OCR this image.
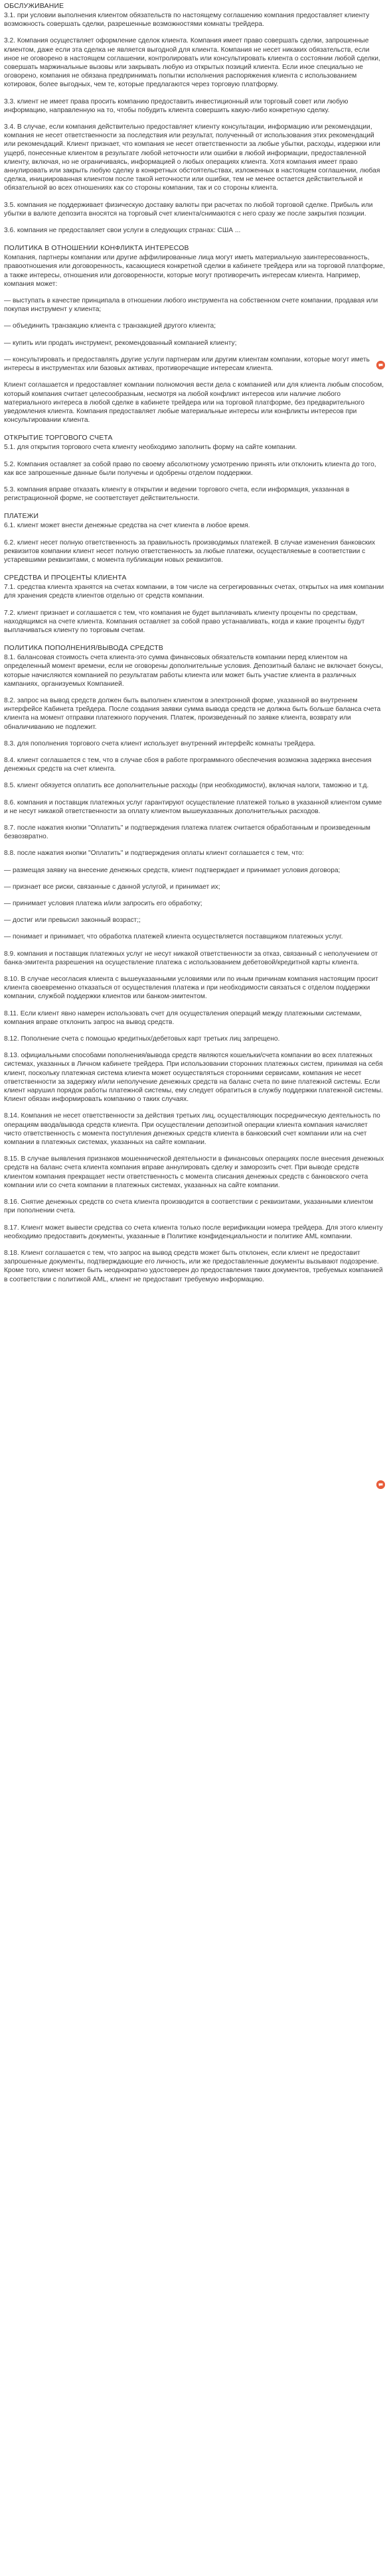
ОБСЛУЖИВАНИЕ

3.1. при условии выполнения клиентом обязательств по настоящему соглашению компания предоставляет клиенту возможность совершать сделки, разрешенные возможностями комнаты трейдера.

3.2. Компания осуществляет оформление сделок клиента. Компания имеет право совершать сделки, запрошенные клиентом, даже если эта сделка не является выгодной для клиента. Компания не несет никаких обязательств, если иное не оговорено в настоящем соглашении, контролировать или консультировать клиента о состоянии любой сделки, совершать маржинальные вызовы или закрывать любую из открытых позиций клиента. Если иное специально не оговорено, компания не обязана предпринимать попытки исполнения распоряжения клиента с использованием котировок, более выгодных, чем те, которые предлагаются через торговую платформу.

3.3. клиент не имеет права просить компанию предоставить инвестиционный или торговый совет или любую информацию, направленную на то, чтобы побудить клиента совершить какую-либо конкретную сделку.

3.4. В случае, если компания действительно предоставляет клиенту консультации, информацию или рекомендации, компания не несет ответственности за последствия или результат, полученный от использования этих рекомендаций или рекомендаций. Клиент признает, что компания не несет ответственности за любые убытки, расходы, издержки или ущерб, понесенные клиентом в результате любой неточности или ошибки в любой информации, предоставленной клиенту, включая, но не ограничиваясь, информацией о любых операциях клиента. Хотя компания имеет право аннулировать или закрыть любую сделку в конкретных обстоятельствах, изложенных в настоящем соглашении, любая сделка, инициированная клиентом после такой неточности или ошибки, тем не менее остается действительной и обязательной во всех отношениях как со стороны компании, так и со стороны клиента.

3.5. компания не поддерживает физическую доставку валюты при расчетах по любой торговой сделке. Прибыль или убытки в валюте депозита вносятся на торговый счет клиента/снимаются с него сразу же после закрытия позиции.

3.6. компания не предоставляет свои услуги в следующих странах: США ...

ПОЛИТИКА В ОТНОШЕНИИ КОНФЛИКТА ИНТЕРЕСОВ

Компания, партнеры компании или другие аффилированные лица могут иметь материальную заинтересованность, правоотношения или договоренность, касающиеся конкретной сделки в кабинете трейдера или на торговой платформе, а также интересы, отношения или договоренности, которые могут противоречить интересам клиента. Например, компания может:

— выступать в качестве принципала в отношении любого инструмента на собственном счете компании, продавая или покупая инструмент у клиента;
— объединить транзакцию клиента с транзакцией другого клиента;
— купить или продать инструмент, рекомендованный компанией клиенту;
— консультировать и предоставлять другие услуги партнерам или другим клиентам компании, которые могут иметь интересы в инструментах или базовых активах, противоречащие интересам клиента.

Клиент соглашается и предоставляет компании полномочия вести дела с компанией или для клиента любым способом, который компания считает целесообразным, несмотря на любой конфликт интересов или наличие любого материального интереса в любой сделке в кабинете трейдера или на торговой платформе, без предварительного уведомления клиента. Компания предоставляет любые материальные интересы или конфликты интересов при консультировании клиента.

ОТКРЫТИЕ ТОРГОВОГО СЧЕТА

5.1. для открытия торгового счета клиенту необходимо заполнить форму на сайте компании.

5.2. Компания оставляет за собой право по своему абсолютному усмотрению принять или отклонить клиента до того, как все запрошенные данные были получены и одобрены отделом поддержки.

5.3. компания вправе отказать клиенту в открытии и ведении торгового счета, если информация, указанная в регистрационной форме, не соответствует действительности.

ПЛАТЕЖИ

6.1. клиент может внести денежные средства на счет клиента в любое время.

6.2. клиент несет полную ответственность за правильность производимых платежей. В случае изменения банковских реквизитов компании клиент несет полную ответственность за любые платежи, осуществляемые в соответствии с устаревшими реквизитами, с момента публикации новых реквизитов.

СРЕДСТВА И ПРОЦЕНТЫ КЛИЕНТА

7.1. средства клиента хранятся на счетах компании, в том числе на сегрегированных счетах, открытых на имя компании для хранения средств клиентов отдельно от средств компании.

7.2. клиент признает и соглашается с тем, что компания не будет выплачивать клиенту проценты по средствам, находящимся на счете клиента. Компания оставляет за собой право устанавливать, когда и какие проценты будут выплачиваться клиенту по торговым счетам.

ПОЛИТИКА ПОПОЛНЕНИЯ/ВЫВОДА СРЕДСТВ

8.1. балансовая стоимость счета клиента-это сумма финансовых обязательств компании перед клиентом на определенный момент времени, если не оговорены дополнительные условия. Депозитный баланс не включает бонусы, которые начисляются компанией по результатам работы клиента или может быть участие клиента в различных кампаниях, организуемых Компанией.

8.2. запрос на вывод средств должен быть выполнен клиентом в электронной форме, указанной во внутреннем интерфейсе Кабинета трейдера. После создания заявки сумма вывода средств не должна быть больше баланса счета клиента на момент отправки платежного поручения. Платеж, произведенный по заявке клиента, возврату или обналичиванию не подлежит.

8.3. для пополнения торгового счета клиент использует внутренний интерфейс комнаты трейдера.

8.4. клиент соглашается с тем, что в случае сбоя в работе программного обеспечения возможна задержка внесения денежных средств на счет клиента.

8.5. клиент обязуется оплатить все дополнительные расходы (при необходимости), включая налоги, таможню и т.д.

8.6. компания и поставщик платежных услуг гарантируют осуществление платежей только в указанной клиентом сумме и не несут никакой ответственности за оплату клиентом вышеуказанных дополнительных расходов.

8.7. после нажатия кнопки "Оплатить" и подтверждения платежа платеж считается обработанным и произведенным безвозвратно.

8.8. после нажатия кнопки "Оплатить" и подтверждения оплаты клиент соглашается с тем, что:

— размещая заявку на внесение денежных средств, клиент подтверждает и принимает условия договора;
— признает все риски, связанные с данной услугой, и принимает их;
— принимает условия платежа и/или запросить его обработку;
— достиг или превысил законный возраст;;
— понимает и принимает, что обработка платежей клиента осуществляется поставщиком платежных услуг.

8.9. компания и поставщик платежных услуг не несут никакой ответственности за отказ, связанный с неполучением от банка-эмитента разрешения на осуществление платежа с использованием дебетовой/кредитной карты клиента.

8.10. В случае несогласия клиента с вышеуказанными условиями или по иным причинам компания настоящим просит клиента своевременно отказаться от осуществления платежа и при необходимости связаться с отделом поддержки компании, службой поддержки клиентов или банком-эмитентом.

8.11. Если клиент явно намерен использовать счет для осуществления операций между платежными системами, компания вправе отклонить запрос на вывод средств.

8.12. Пополнение счета с помощью кредитных/дебетовых карт третьих лиц запрещено.

8.13. официальными способами пополнения/вывода средств являются кошельки/счета компании во всех платежных системах, указанных в Личном кабинете трейдера. При использовании сторонних платежных систем, принимая на себя клиент, поскольку платежная система клиента может осуществляться сторонними сервисами, компания не несет ответственности за задержку и/или неполучение денежных средств на баланс счета по вине платежной системы. Если клиент нарушил порядок работы платежной системы, ему следует обратиться в службу поддержки платежной системы. Клиент обязан информировать компанию о таких случаях.

8.14. Компания не несет ответственности за действия третьих лиц, осуществляющих посредническую деятельность по операциям ввода/вывода средств клиента. При осуществлении депозитной операции клиента компания начисляет чисто ответственность с момента поступления денежных средств клиента в банковский счет компании или на счет компании в платежных системах, указанных на сайте компании.

8.15. В случае выявления признаков мошеннической деятельности в финансовых операциях после внесения денежных средств на баланс счета клиента компания вправе аннулировать сделку и заморозить счет. При выводе средств клиентом компания прекращает нести ответственность с момента списания денежных средств с банковского счета компании или со счета компании в платежных системах, указанных на сайте компании.

8.16. Снятие денежных средств со счета клиента производится в соответствии с реквизитами, указанными клиентом при пополнении счета.

8.17. Клиент может вывести средства со счета клиента только после верификации номера трейдера. Для этого клиенту необходимо предоставить документы, указанные в Политике конфиденциальности и политике AML компании.

8.18. Клиент соглашается с тем, что запрос на вывод средств может быть отклонен, если клиент не предоставит запрошенные документы, подтверждающие его личность, или же предоставленные документы вызывают подозрение. Кроме того, клиент может быть неоднократно удостоверен до предоставления таких документов, требуемых компанией в соответствии с политикой AML, клиент не предоставит требуемую информацию.
